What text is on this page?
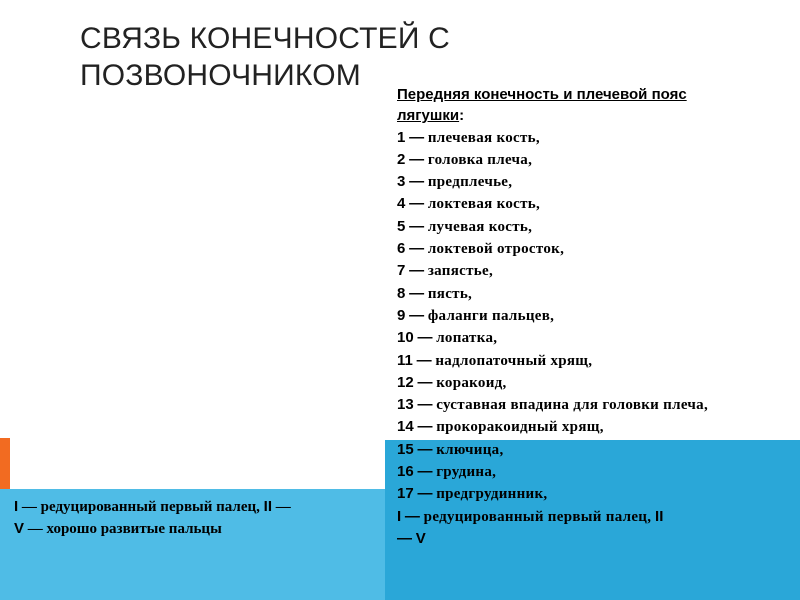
СВЯЗЬ КОНЕЧНОСТЕЙ С
ПОЗВОНОЧНИКОМ
Передняя конечность и плечевой пояс
лягушки:
1 — плечевая кость,
2 — головка плеча,
3 — предплечье,
4 — локтевая кость,
5 — лучевая кость,
6 — локтевой отросток,
7 — запястье,
8 — пясть,
9 — фаланги пальцев,
10 — лопатка,
11 — надлопаточный хрящ,
12 — коракоид,
13 — суставная впадина для головки плеча,
14 — прокоракоидный хрящ,
15 — ключица,
16 — грудина,
17 — предгрудинник,
I — редуцированный первый палец, II
— V
I — редуцированный первый палец, II — V — хорошо развитые пальцы
